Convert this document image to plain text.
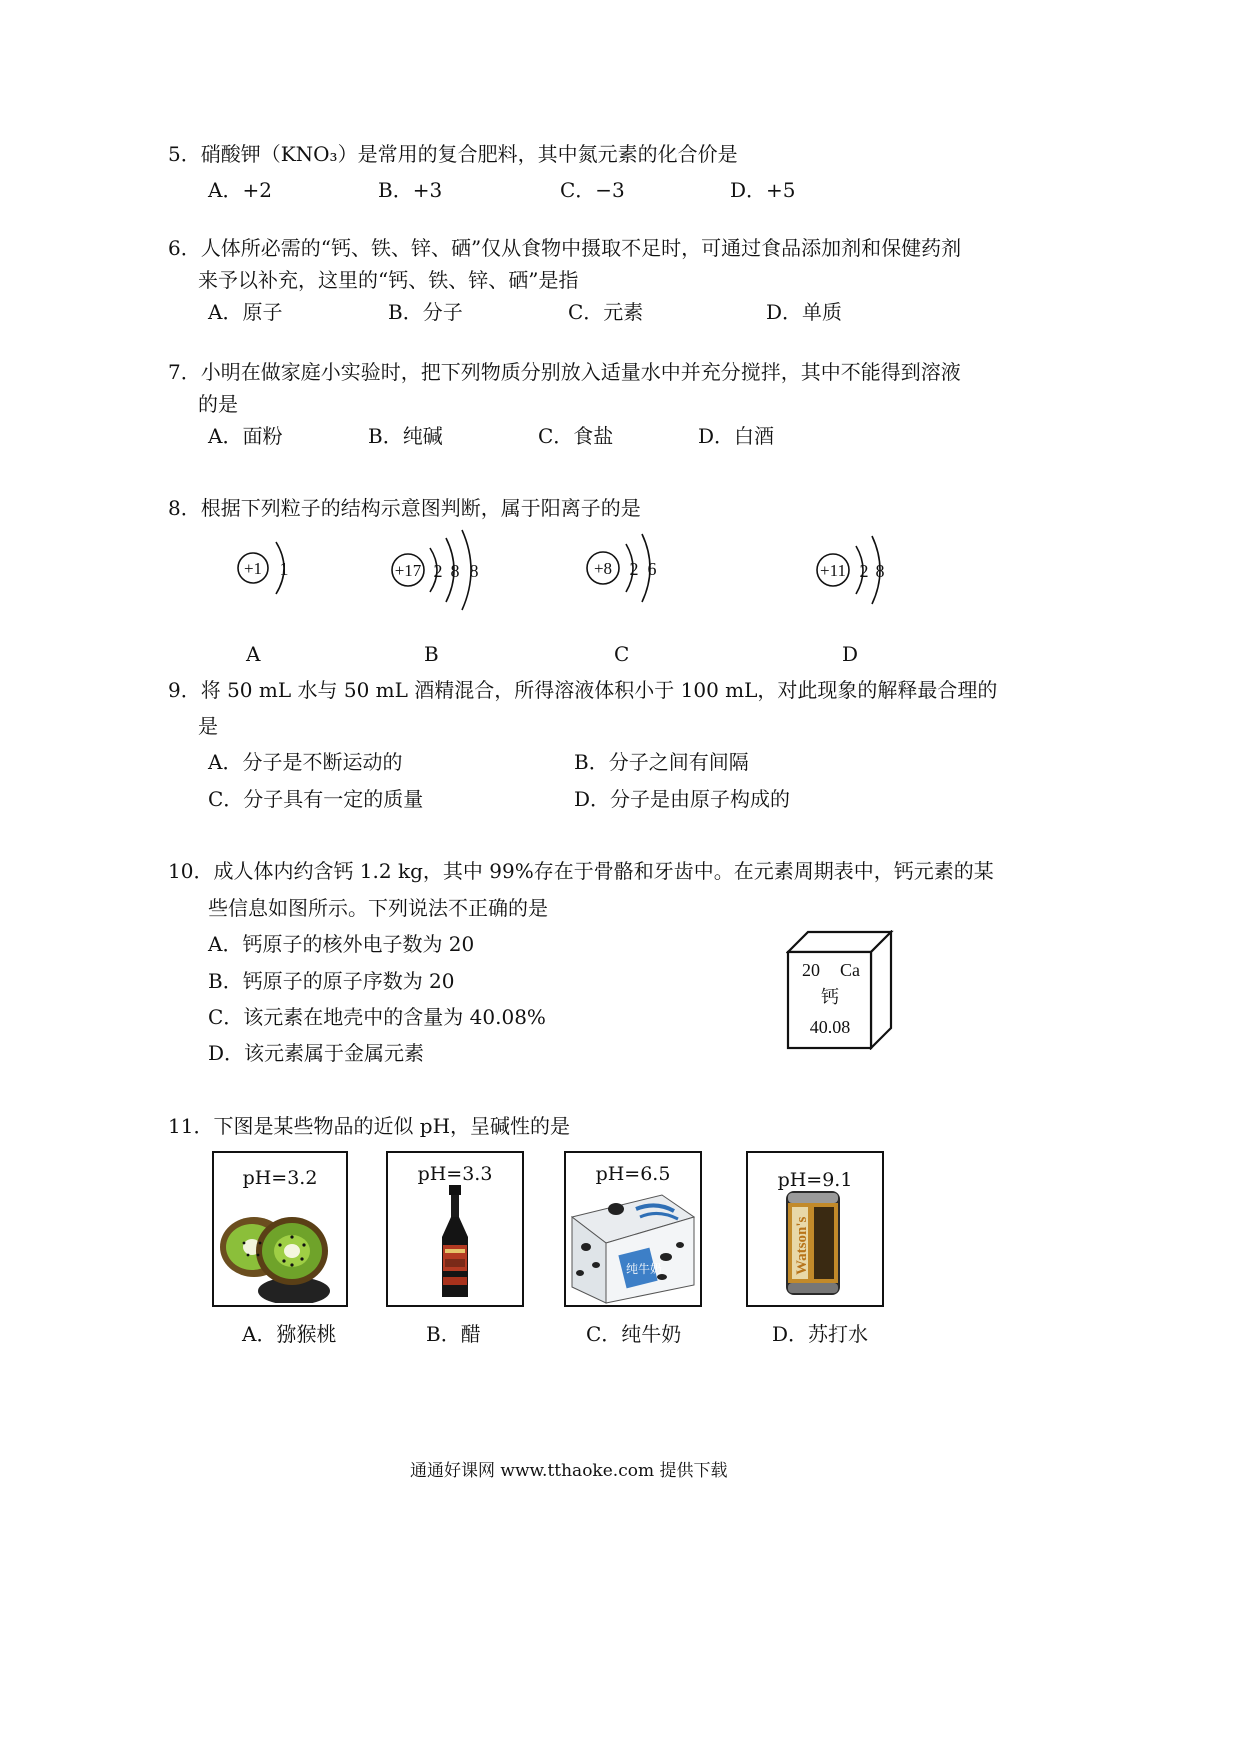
5．硝酸钾（KNO₃）是常用的复合肥料，其中氮元素的化合价是
A．+2	B．+3	C．−3	D．+5
6．人体所必需的“钙、铁、锌、硒”仅从食物中摄取不足时，可通过食品添加剂和保健药剂
来予以补充，这里的“钙、铁、锌、硒”是指
A．原子	B．分子	C．元素	D．单质
7．小明在做家庭小实验时，把下列物质分别放入适量水中并充分搅拌，其中不能得到溶液
的是
A．面粉	B．纯碱	C．食盐	D．白酒
8．根据下列粒子的结构示意图判断，属于阳离子的是
+1 1	+17 2 8 8	+8 2 6	+11 2 8
A	B	C	D
9．将 50 mL 水与 50 mL 酒精混合，所得溶液体积小于 100 mL，对此现象的解释最合理的
是
A．分子是不断运动的	B．分子之间有间隔
C．分子具有一定的质量	D．分子是由原子构成的
10．成人体内约含钙 1.2 kg，其中 99%存在于骨骼和牙齿中。在元素周期表中，钙元素的某
些信息如图所示。下列说法不正确的是
A．钙原子的核外电子数为 20
B．钙原子的原子序数为 20
C．该元素在地壳中的含量为 40.08%
D．该元素属于金属元素
20 Ca
钙
40.08
11．下图是某些物品的近似 pH，呈碱性的是
pH=3.2
A．猕猴桃
pH=3.3
B．醋
pH=6.5
纯牛奶
C．纯牛奶
pH=9.1
Watson's
D．苏打水
通通好课网 www.tthaoke.com 提供下载
